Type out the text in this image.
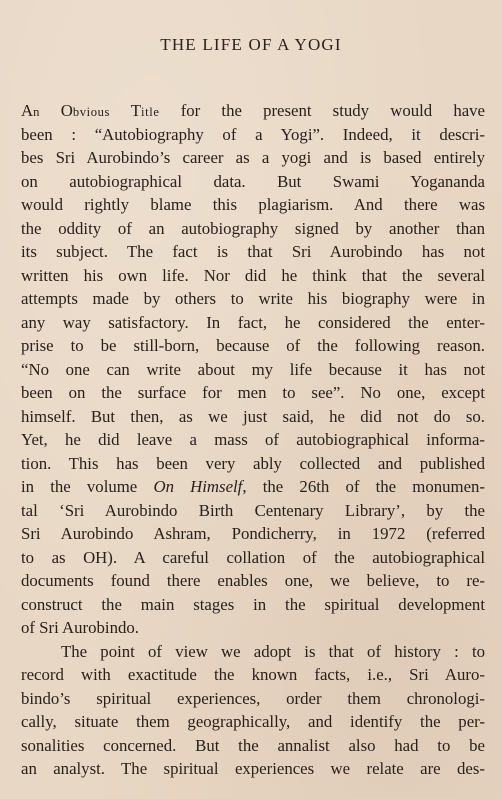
THE LIFE OF A YOGI
An Obvious Title for the present study would have
been : “Autobiography of a Yogi”. Indeed, it descri-
bes Sri Aurobindo’s career as a yogi and is based entirely
on autobiographical data. But Swami Yogananda
would rightly blame this plagiarism. And there was
the oddity of an autobiography signed by another than
its subject. The fact is that Sri Aurobindo has not
written his own life. Nor did he think that the several
attempts made by others to write his biography were in
any way satisfactory. In fact, he considered the enter-
prise to be still-born, because of the following reason.
“No one can write about my life because it has not
been on the surface for men to see”. No one, except
himself. But then, as we just said, he did not do so.
Yet, he did leave a mass of autobiographical informa-
tion. This has been very ably collected and published
in the volume On Himself, the 26th of the monumen-
tal ‘Sri Aurobindo Birth Centenary Library’, by the
Sri Aurobindo Ashram, Pondicherry, in 1972 (referred
to as OH). A careful collation of the autobiographical
documents found there enables one, we believe, to re-
construct the main stages in the spiritual development
of Sri Aurobindo.
The point of view we adopt is that of history : to
record with exactitude the known facts, i.e., Sri Auro-
bindo’s spiritual experiences, order them chronologi-
cally, situate them geographically, and identify the per-
sonalities concerned. But the annalist also had to be
an analyst. The spiritual experiences we relate are des-
